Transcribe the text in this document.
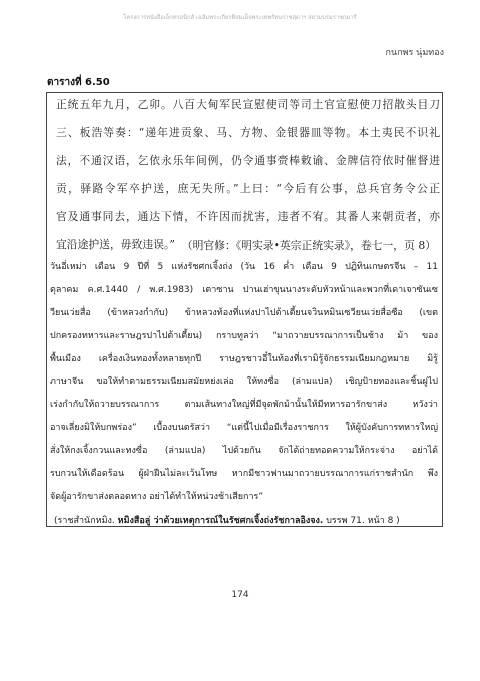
โครงการหนังสือเล็กทรอนิกส์ เฉลิมพระเกียรติสมเด็จพระเทพรัตนราชสุดาฯ สยามบรมราชกุมารี
กนกพร นุ่มทอง
ตารางที่ 6.50
正统五年九月，乙卯。八百大甸军民宣慰使司等司土官宣慰使刀招散头目刀
三、板浩等奏：“递年进贡象、马、方物、金银器皿等物。本土夷民不识礼
法，不通汉语，乞依永乐年间例，仍令通事赍棒敕谕、金牌信符依时催督进
贡，驿路令军卒护送，庶无失所。”上曰：“今后有公事，总兵官务令公正
官及通事同去，通达下情，不许因而扰害，违者不宥。其番人来朝贡者，亦
宜沿途护送，毋致违误。” （明官修：《明实录•英宗正统实录》，卷七一，页 8）
วันอี่เหม่า เดือน 9 ปีที่ 5 แห่งรัชศกเจิ้งถ่ง (วัน 16 ค่ำ เดือน 9 ปฏิทินเกษตรจีน – 11
ตุลาคม ค.ศ.1440 / พ.ศ.1983) เตาซาน ปานเฮ่าขุนนางระดับหัวหน้าและพวกที่เดาเจาซันเซ
วียนเว่ยสื่อ (ข้าหลวงกำกับ) ข้าหลวงท้องที่แห่งปาไปต้าเตี้ยนจวินหมินเซวียนเว่ยสื่อซือ (เขต
ปกครองทหารและราษฎรปาไปต้าเตี้ยน) กราบทูลว่า “มาถวายบรรณาการเป็นช้าง ม้า ของ
พื้นเมือง เครื่องเงินทองทั้งหลายทุกปี ราษฎรชาวอี๋ในท้องที่เรามิรู้จักธรรมเนียมกฎหมาย มิรู้
ภาษาจีน ขอให้ทำตามธรรมเนียมสมัยหย่งเล่อ ให้ทงซื่อ (ล่ามแปล) เชิญป้ายทองและชิ้นฝูไป
เร่งกำกับให้ถวายบรรณาการ ตามเส้นทางใหญ่ที่มีจุดพักม้านั้นให้มีทหารอารักขาส่ง หวังว่า
อาจเลี่ยงมิให้บกพร่อง” เบื้องบนตรัสว่า “แต่นี้ไปเมื่อมีเรื่องราชการ ให้ผู้บังคับการทหารใหญ่
สั่งให้กงเจิ้งกวนและทงซื่อ (ล่ามแปล) ไปด้วยกัน จักได้ถ่ายทอดความให้กระจ่าง อย่าได้
รบกวนให้เดือดร้อน ผู้ฝ่าฝืนไม่ละเว้นโทษ หากมีชาวฟานมาถวายบรรณาการแก่ราชสำนัก พึง
จัดผู้อารักขาส่งตลอดทาง อย่าได้ทำให้หน่วงช้าเสียการ”
(ราชสำนักหมิง. หมิงสือลู่ ว่าด้วยเหตุการณ์ในรัชศกเจิ้งถ่งรัชกาลอิงจง. บรรพ 71. หน้า 8 )
174
